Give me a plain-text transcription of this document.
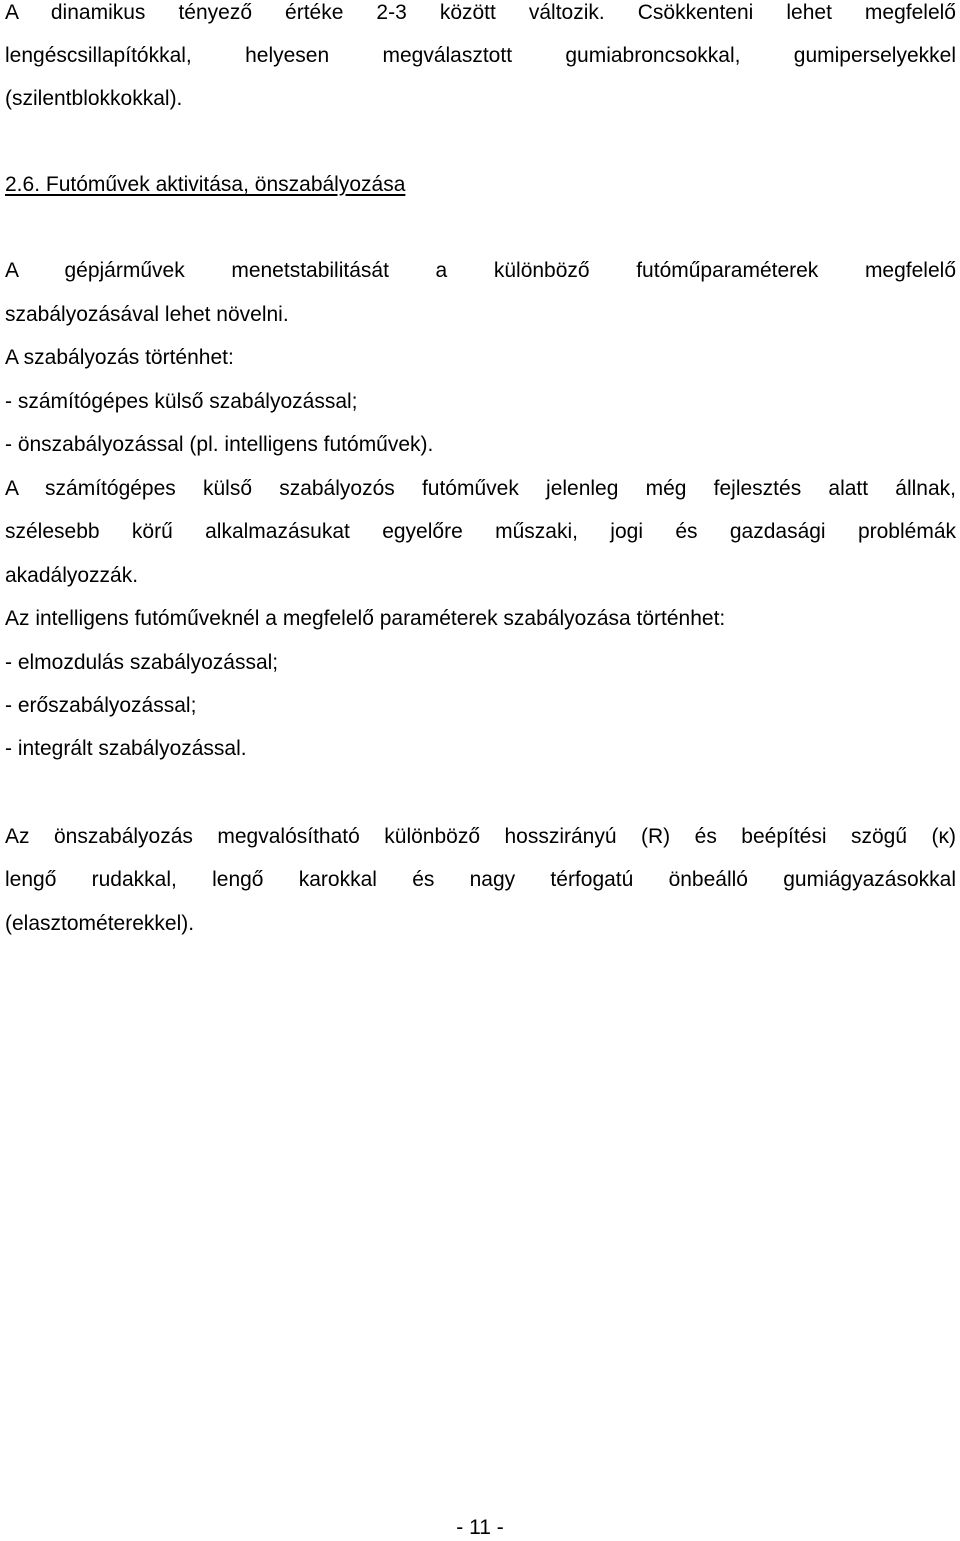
A dinamikus tényező értéke 2-3 között változik. Csökkenteni lehet megfelelő
lengéscsillapítókkal, helyesen megválasztott gumiabroncsokkal, gumiperselyekkel
(szilentblokkokkal).
2.6. Futóművek aktivitása, önszabályozása
A gépjárművek menetstabilitását a különböző futóműparaméterek megfelelő
szabályozásával lehet növelni.
A szabályozás történhet:
- számítógépes külső szabályozással;
- önszabályozással (pl. intelligens futóművek).
A számítógépes külső szabályozós futóművek jelenleg még fejlesztés alatt állnak,
szélesebb körű alkalmazásukat egyelőre műszaki, jogi és gazdasági problémák
akadályozzák.
Az intelligens futóműveknél a megfelelő paraméterek szabályozása történhet:
- elmozdulás szabályozással;
- erőszabályozással;
- integrált szabályozással.
Az önszabályozás megvalósítható különböző hosszirányú (R) és beépítési szögű (κ)
lengő rudakkal, lengő karokkal és nagy térfogatú önbeálló gumiágyazásokkal
(elasztométerekkel).
- 11 -
